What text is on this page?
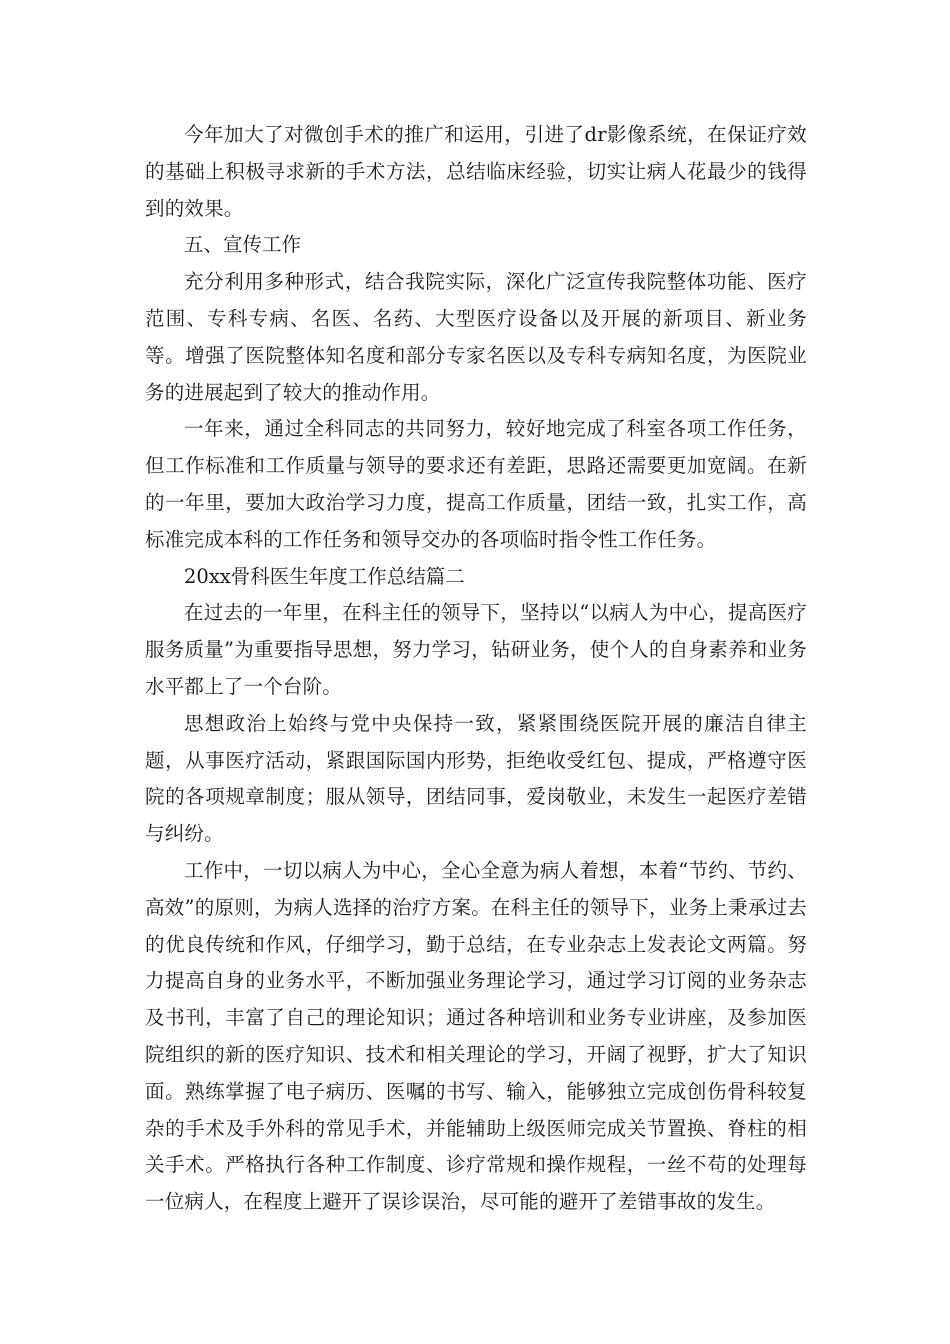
今年加大了对微创手术的推广和运用，引进了dr影像系统，在保证疗效的基础上积极寻求新的手术方法，总结临床经验，切实让病人花最少的钱得到的效果。

五、宣传工作

充分利用多种形式，结合我院实际，深化广泛宣传我院整体功能、医疗范围、专科专病、名医、名药、大型医疗设备以及开展的新项目、新业务等。增强了医院整体知名度和部分专家名医以及专科专病知名度，为医院业务的进展起到了较大的推动作用。

一年来，通过全科同志的共同努力，较好地完成了科室各项工作任务，但工作标准和工作质量与领导的要求还有差距，思路还需要更加宽阔。在新的一年里，要加大政治学习力度，提高工作质量，团结一致，扎实工作，高标准完成本科的工作任务和领导交办的各项临时指令性工作任务。

20xx骨科医生年度工作总结篇二

在过去的一年里，在科主任的领导下，坚持以“以病人为中心，提高医疗服务质量”为重要指导思想，努力学习，钻研业务，使个人的自身素养和业务水平都上了一个台阶。

思想政治上始终与党中央保持一致，紧紧围绕医院开展的廉洁自律主题，从事医疗活动，紧跟国际国内形势，拒绝收受红包、提成，严格遵守医院的各项规章制度；服从领导，团结同事，爱岗敬业，未发生一起医疗差错与纠纷。

工作中，一切以病人为中心，全心全意为病人着想，本着“节约、节约、高效”的原则，为病人选择的治疗方案。在科主任的领导下，业务上秉承过去的优良传统和作风，仔细学习，勤于总结，在专业杂志上发表论文两篇。努力提高自身的业务水平，不断加强业务理论学习，通过学习订阅的业务杂志及书刊，丰富了自己的理论知识；通过各种培训和业务专业讲座，及参加医院组织的新的医疗知识、技术和相关理论的学习，开阔了视野，扩大了知识面。熟练掌握了电子病历、医嘱的书写、输入，能够独立完成创伤骨科较复杂的手术及手外科的常见手术，并能辅助上级医师完成关节置换、脊柱的相关手术。严格执行各种工作制度、诊疗常规和操作规程，一丝不苟的处理每一位病人，在程度上避开了误诊误治，尽可能的避开了差错事故的发生。
